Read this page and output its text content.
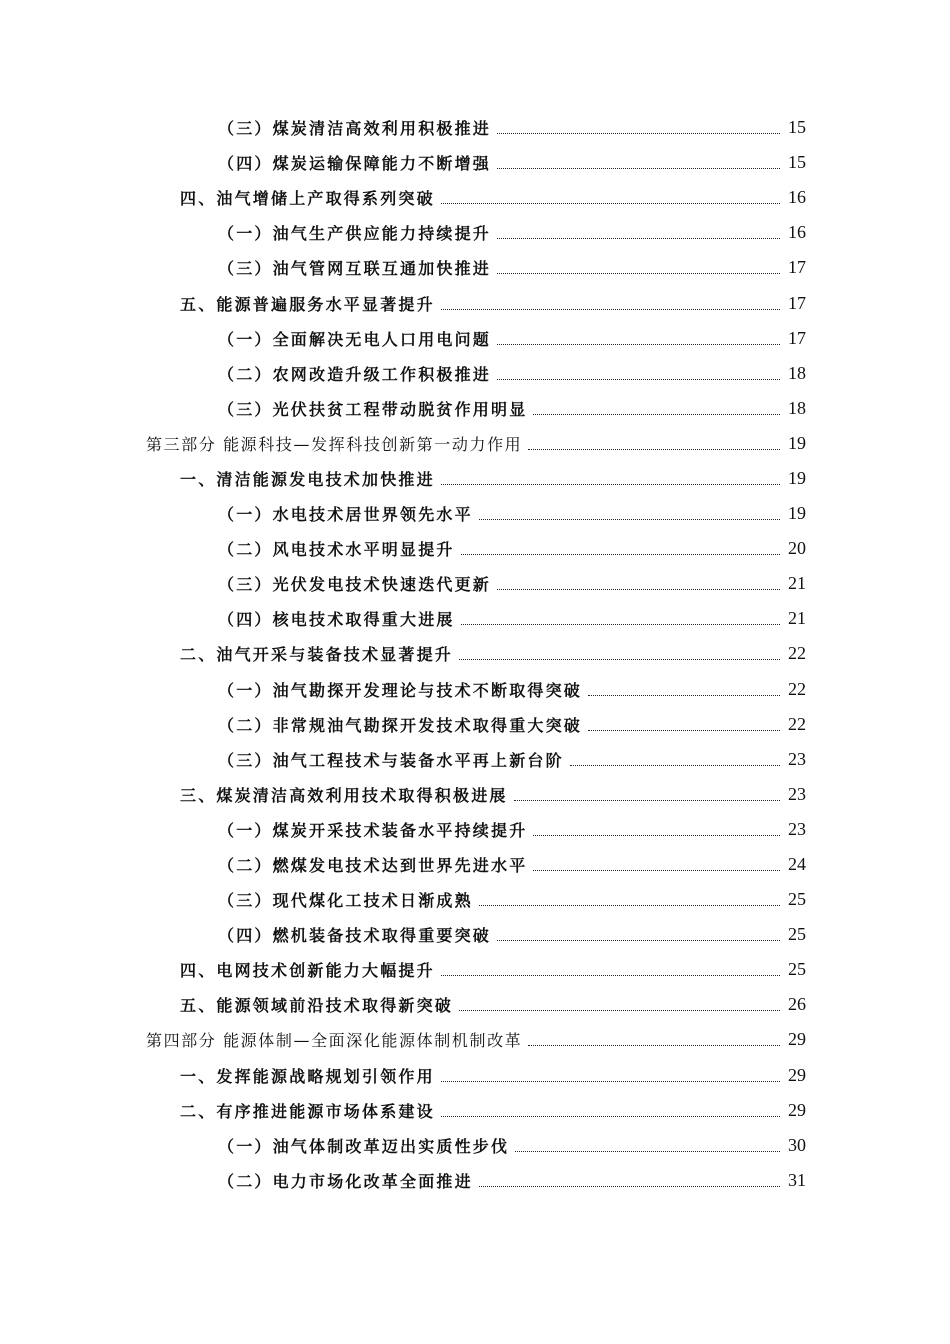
（三）煤炭清洁高效利用积极推进	15
（四）煤炭运输保障能力不断增强	15
四、油气增储上产取得系列突破	16
（一）油气生产供应能力持续提升	16
（三）油气管网互联互通加快推进	17
五、能源普遍服务水平显著提升	17
（一）全面解决无电人口用电问题	17
（二）农网改造升级工作积极推进	18
（三）光伏扶贫工程带动脱贫作用明显	18
第三部分 能源科技—发挥科技创新第一动力作用	19
一、清洁能源发电技术加快推进	19
（一）水电技术居世界领先水平	19
（二）风电技术水平明显提升	20
（三）光伏发电技术快速迭代更新	21
（四）核电技术取得重大进展	21
二、油气开采与装备技术显著提升	22
（一）油气勘探开发理论与技术不断取得突破	22
（二）非常规油气勘探开发技术取得重大突破	22
（三）油气工程技术与装备水平再上新台阶	23
三、煤炭清洁高效利用技术取得积极进展	23
（一）煤炭开采技术装备水平持续提升	23
（二）燃煤发电技术达到世界先进水平	24
（三）现代煤化工技术日渐成熟	25
（四）燃机装备技术取得重要突破	25
四、电网技术创新能力大幅提升	25
五、能源领域前沿技术取得新突破	26
第四部分 能源体制—全面深化能源体制机制改革	29
一、发挥能源战略规划引领作用	29
二、有序推进能源市场体系建设	29
（一）油气体制改革迈出实质性步伐	30
（二）电力市场化改革全面推进	31
